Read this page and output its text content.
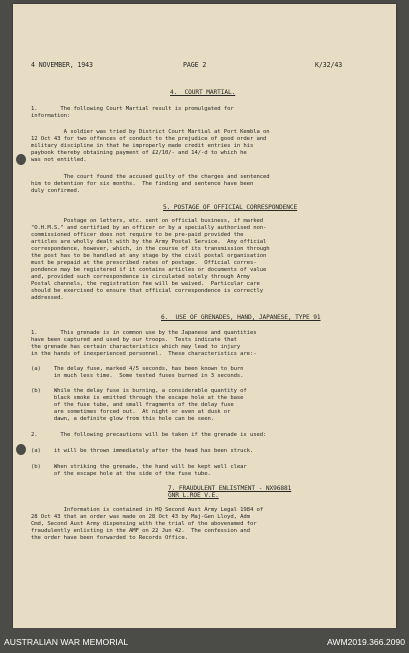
4 NOVEMBER, 1943	PAGE 2	K/32/43
4.  COURT MARTIAL.
1.       The following Court Martial result is promulgated for
information:
A soldier was tried by District Court Martial at Port Kembla on
12 Oct 43 for two offences of conduct to the prejudice of good order and
military discipline in that he improperly made credit entries in his
paybook thereby obtaining payment of £2/10/- and 14/-d to which he
was not entitled.
The court found the accused guilty of the charges and sentenced
him to detention for six months.  The finding and sentence have been
duly confirmed.
5. POSTAGE OF OFFICIAL CORRESPONDENCE
Postage on letters, etc. sent on official business, if marked
"O.H.M.S." and certified by an officer or by a specially authorised non-
commissioned officer does not require to be pre-paid provided the
articles are wholly dealt with by the Army Postal Service.  Any official
correspondence, however, which, in the course of its transmission through
the post has to be handled at any stage by the civil postal organisation
must be prepaid at the prescribed rates of postage.  Official corres-
pondence may be registered if it contains articles or documents of value
and, provided such correspondence is circulated solely through Army
Postal channels, the registration fee will be waived.  Particular care
should be exercised to ensure that official correspondence is correctly
addressed.
6.  USE OF GRENADES, HAND, JAPANESE, TYPE 91
1.       This grenade is in common use by the Japanese and quantities
have been captured and used by our troops.  Tests indicate that
the grenade has certain characteristics which may lead to injury
in the hands of inexperienced personnel.  These characteristics are:-
(a)    The delay fuse, marked 4/5 seconds, has been known to burn
in much less time.  Some tested fuses burned in 3 seconds.
(b)    While the delay fuse is burning, a considerable quantity of
black smoke is emitted through the escape hole at the base
of the fuse tube, and small fragments of the delay fuse
are sometimes forced out.  At night or even at dusk or
dawn, a definite glow from this hole can be seen.
2.       The following precautions will be taken if the grenade is used:
(a)    it will be thrown immediately after the head has been struck.
(b)    When striking the grenade, the hand will be kept well clear
of the escape hole at the side of the fuse tube.
7. FRAUDULENT ENLISTMENT - NX96881
GNR L.ROE V.E.
Information is contained in HQ Second Aust Army Legal 1984 of
28 Oct 43 that an order was made on 28 Oct 43 by Maj-Gen Lloyd, Adm
Cmd, Second Aust Army dispensing with the trial of the abovenamed for
fraudulently enlisting in the AMF on 22 Jun 42.  The confession and
the order have been forwarded to Records Office.
AUSTRALIAN WAR MEMORIAL	AWM2019.366.2090
